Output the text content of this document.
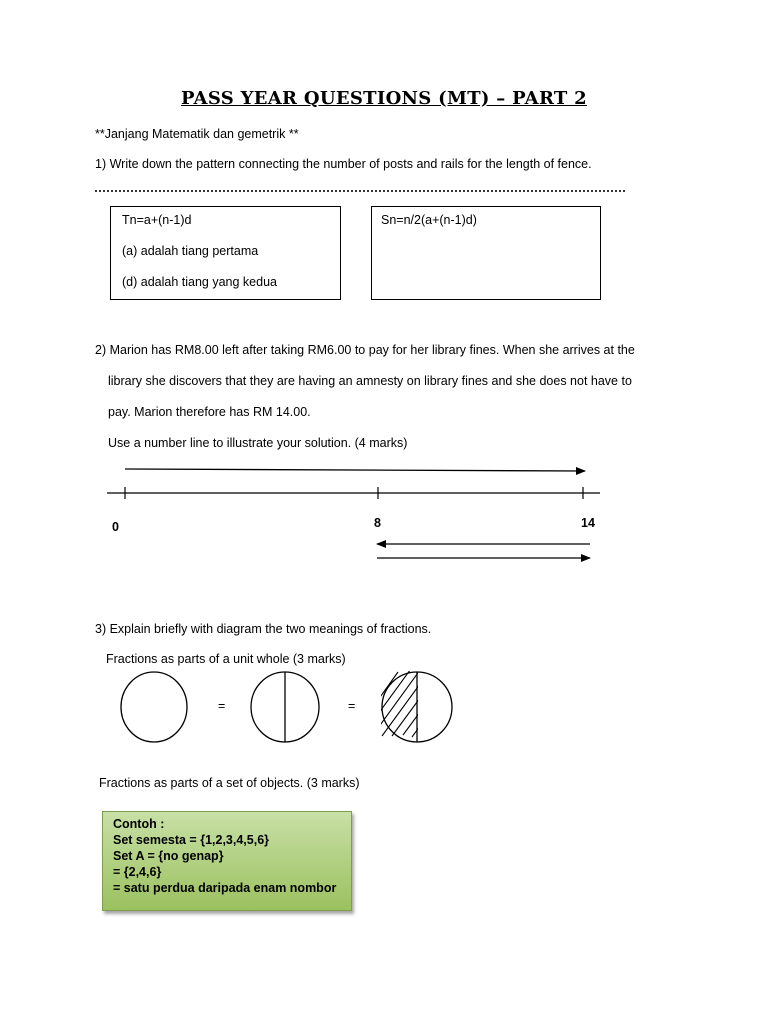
PASS YEAR QUESTIONS (MT) – PART 2
**Janjang Matematik dan gemetrik **
1) Write down the pattern connecting the number of posts and rails for the length of fence.
Tn=a+(n-1)d
(a) adalah tiang pertama
(d) adalah tiang yang kedua
Sn=n/2(a+(n-1)d)
2) Marion has RM8.00 left after taking RM6.00 to pay for her library fines. When she arrives at the
library she discovers that they are having an amnesty on library fines and she does not have to
pay. Marion therefore has RM 14.00.
Use a number line to illustrate your solution. (4 marks)
0	8	14
3) Explain briefly with diagram the two meanings of fractions.
Fractions as parts of a unit whole (3 marks)
=	=
Fractions as parts of a set of objects. (3 marks)
Contoh :
Set semesta = {1,2,3,4,5,6}
Set A = {no genap}
= {2,4,6}
= satu perdua daripada enam nombor
